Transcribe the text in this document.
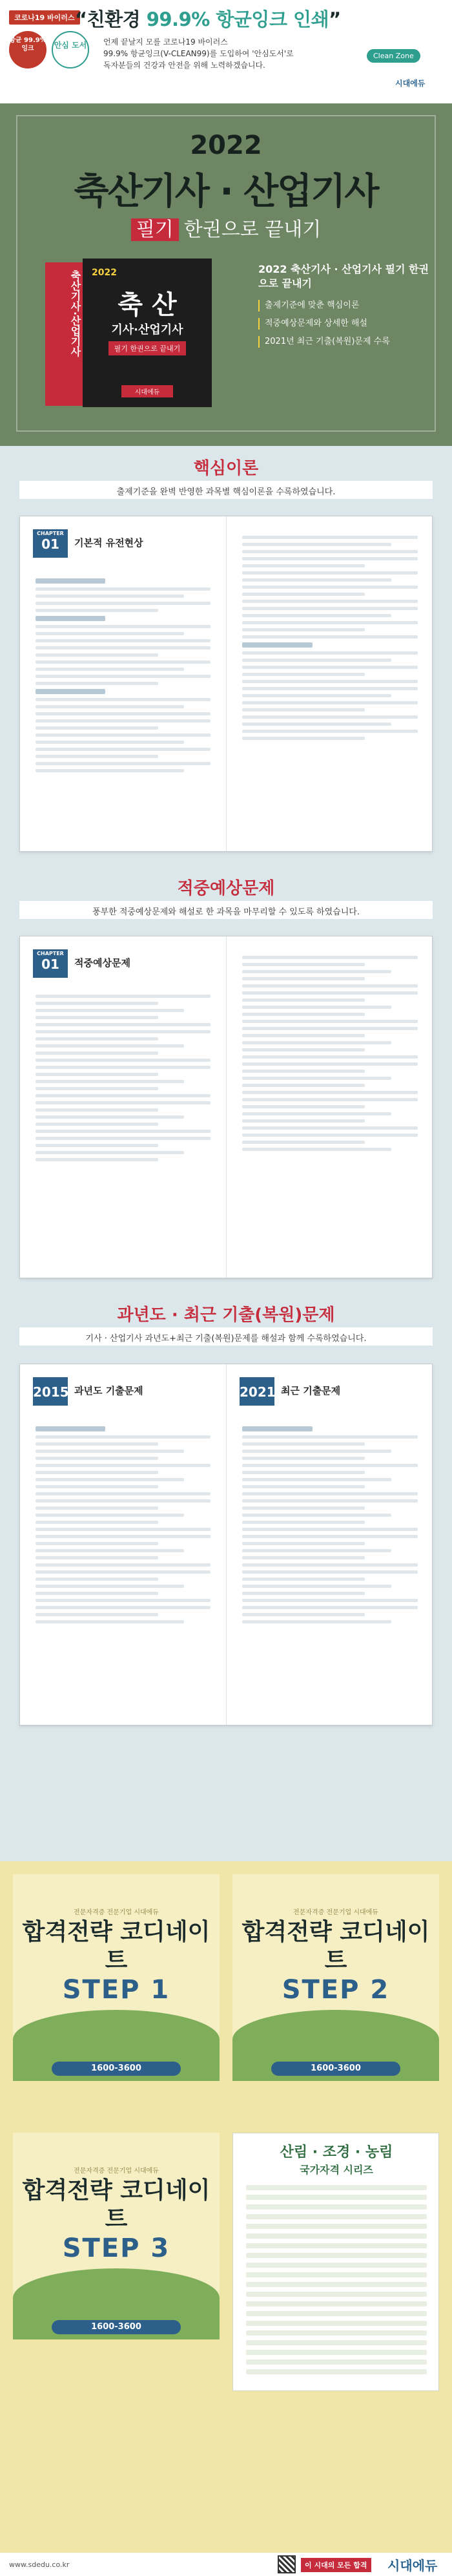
코로나19 바이러스 “친환경 99.9% 항균잉크 인쇄”
항균 99.9% 잉크	안심 도서	언제 끝날지 모를 코로나19 바이러스
99.9% 항균잉크(V-CLEAN99)를 도입하여 '안심도서'로
독자분들의 건강과 안전을 위해 노력하겠습니다.
Clean Zone
시대에듀
2022
축산기사 · 산업기사
필기 한권으로 끝내기
축산기사·산업기사 2022
축 산
기사·산업기사
필기 한권으로 끝내기
시대에듀
2022 축산기사 · 산업기사 필기 한권으로 끝내기
출제기준에 맞춘 핵심이론
적중예상문제와 상세한 해설
2021년 최근 기출(복원)문제 수록
핵심이론
출제기준을 완벽 반영한 과목별 핵심이론을 수록하였습니다.
CHAPTER
01	기본적 유전현상
적중예상문제
풍부한 적중예상문제와 해설로 한 과목을 마무리할 수 있도록 하였습니다.
CHAPTER
01	적중예상문제
과년도 · 최근 기출(복원)문제
기사 · 산업기사 과년도+최근 기출(복원)문제를 해설과 함께 수록하였습니다.
2015 과년도 기출문제	2021 최근 기출문제
전문자격증 전문기업 시대에듀
합격전략 코디네이트
STEP 1
1600-3600
전문자격증 전문기업 시대에듀
합격전략 코디네이트
STEP 2
1600-3600
전문자격증 전문기업 시대에듀
합격전략 코디네이트
STEP 3
1600-3600
산림 · 조경 · 농림
국가자격 시리즈
www.sdedu.co.kr	이 시대의 모든 합격	시대에듀
